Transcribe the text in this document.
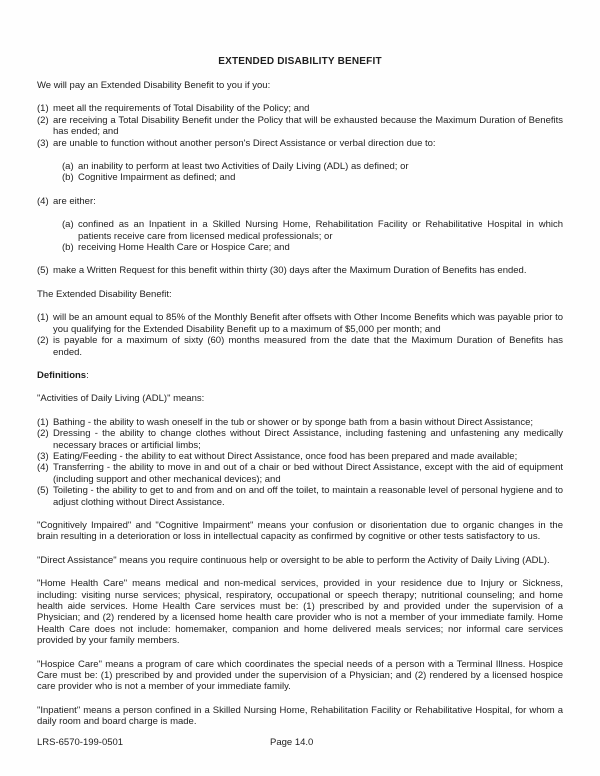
EXTENDED DISABILITY BENEFIT

We will pay an Extended Disability Benefit to you if you:

(1) meet all the requirements of Total Disability of the Policy; and
(2) are receiving a Total Disability Benefit under the Policy that will be exhausted because the Maximum Duration of Benefits has ended; and
(3) are unable to function without another person's Direct Assistance or verbal direction due to:
(a) an inability to perform at least two Activities of Daily Living (ADL) as defined; or
(b) Cognitive Impairment as defined; and
(4) are either:
(a) confined as an Inpatient in a Skilled Nursing Home, Rehabilitation Facility or Rehabilitative Hospital in which patients receive care from licensed medical professionals; or
(b) receiving Home Health Care or Hospice Care; and
(5) make a Written Request for this benefit within thirty (30) days after the Maximum Duration of Benefits has ended.

The Extended Disability Benefit:

(1) will be an amount equal to 85% of the Monthly Benefit after offsets with Other Income Benefits which was payable prior to you qualifying for the Extended Disability Benefit up to a maximum of $5,000 per month; and
(2) is payable for a maximum of sixty (60) months measured from the date that the Maximum Duration of Benefits has ended.

Definitions:

"Activities of Daily Living (ADL)" means:

(1) Bathing - the ability to wash oneself in the tub or shower or by sponge bath from a basin without Direct Assistance;
(2) Dressing - the ability to change clothes without Direct Assistance, including fastening and unfastening any medically necessary braces or artificial limbs;
(3) Eating/Feeding - the ability to eat without Direct Assistance, once food has been prepared and made available;
(4) Transferring - the ability to move in and out of a chair or bed without Direct Assistance, except with the aid of equipment (including support and other mechanical devices); and
(5) Toileting - the ability to get to and from and on and off the toilet, to maintain a reasonable level of personal hygiene and to adjust clothing without Direct Assistance.

"Cognitively Impaired" and "Cognitive Impairment" means your confusion or disorientation due to organic changes in the brain resulting in a deterioration or loss in intellectual capacity as confirmed by cognitive or other tests satisfactory to us.

"Direct Assistance" means you require continuous help or oversight to be able to perform the Activity of Daily Living (ADL).

"Home Health Care" means medical and non-medical services, provided in your residence due to Injury or Sickness, including: visiting nurse services; physical, respiratory, occupational or speech therapy; nutritional counseling; and home health aide services. Home Health Care services must be: (1) prescribed by and provided under the supervision of a Physician; and (2) rendered by a licensed home health care provider who is not a member of your immediate family. Home Health Care does not include: homemaker, companion and home delivered meals services; nor informal care services provided by your family members.

"Hospice Care" means a program of care which coordinates the special needs of a person with a Terminal Illness. Hospice Care must be: (1) prescribed by and provided under the supervision of a Physician; and (2) rendered by a licensed hospice care provider who is not a member of your immediate family.

"Inpatient" means a person confined in a Skilled Nursing Home, Rehabilitation Facility or Rehabilitative Hospital, for whom a daily room and board charge is made.

LRS-6570-199-0501	Page 14.0
